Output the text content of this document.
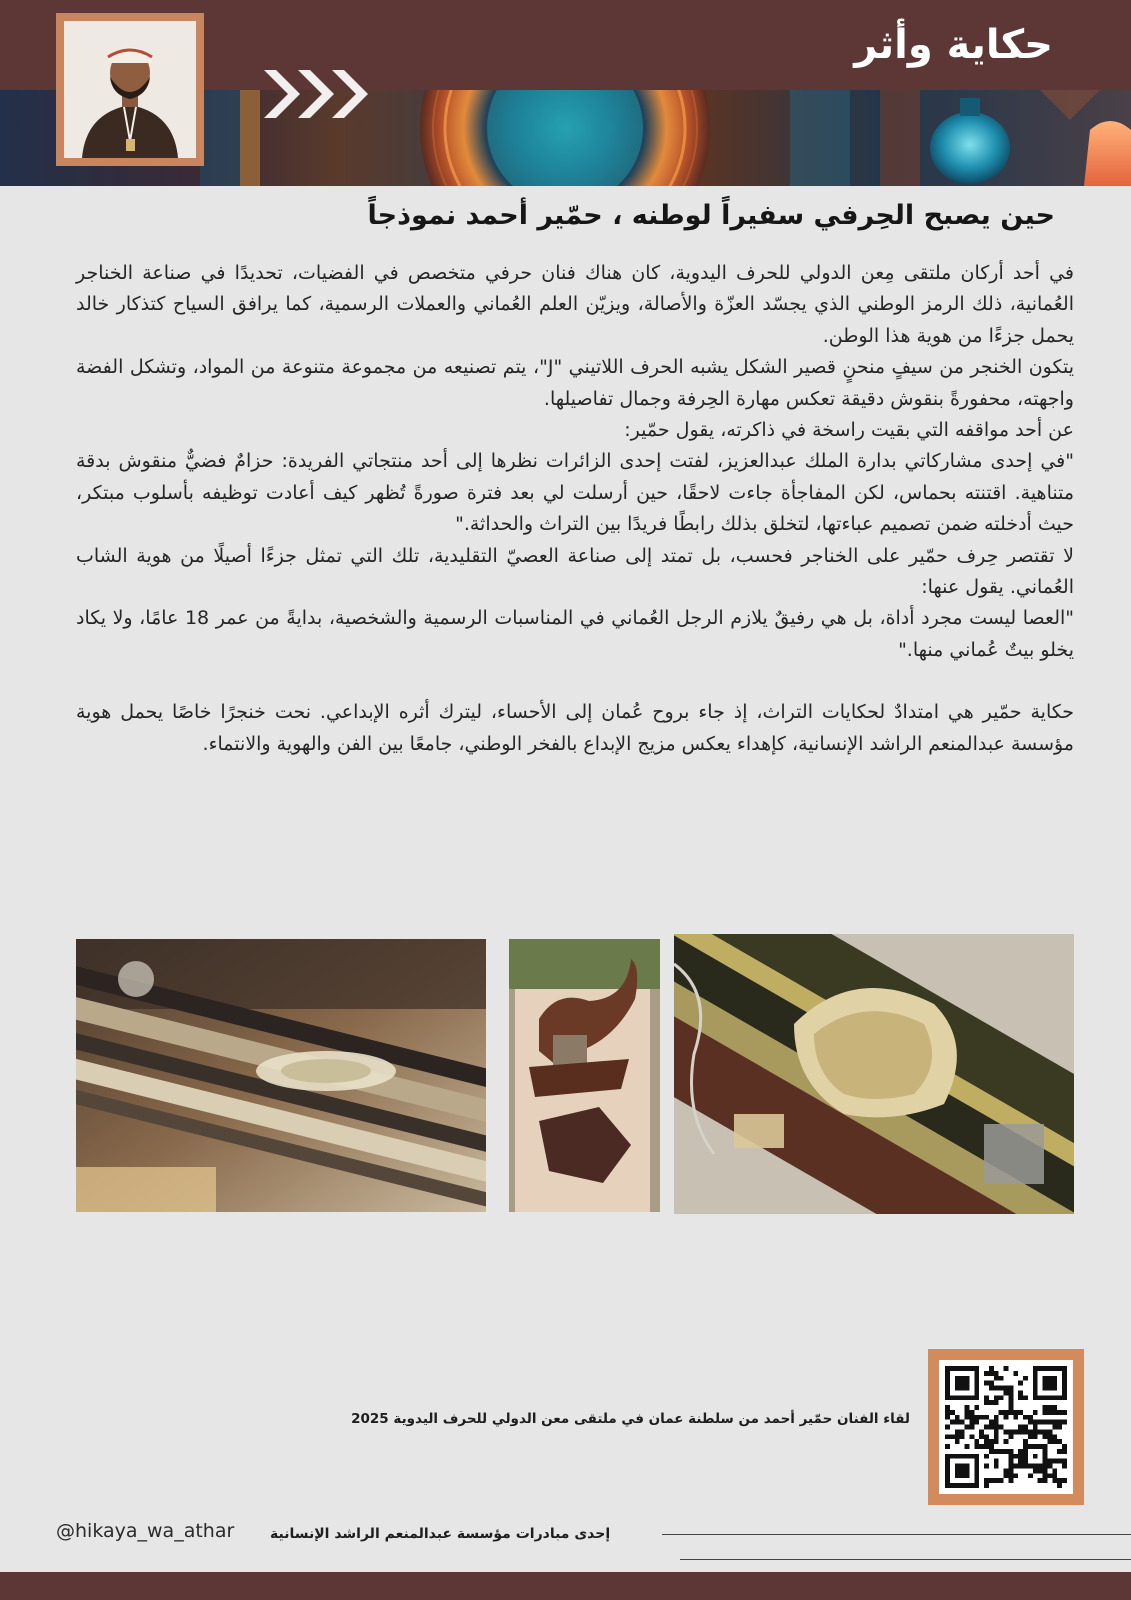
حكاية وأثر
حين يصبح الحِرفي سفيراً لوطنه ، حمّير أحمد نموذجاً

في أحد أركان ملتقى مِعن الدولي للحرف اليدوية، كان هناك فنان حرفي متخصص في الفضيات، تحديدًا في صناعة الخناجر العُمانية، ذلك الرمز الوطني الذي يجسّد العزّة والأصالة، ويزيّن العلم العُماني والعملات الرسمية، كما يرافق السياح كتذكار خالد يحمل جزءًا من هوية هذا الوطن.

يتكون الخنجر من سيفٍ منحنٍ قصير الشكل يشبه الحرف اللاتيني "J"، يتم تصنيعه من مجموعة متنوعة من المواد، وتشكل الفضة واجهته، محفورةً بنقوش دقيقة تعكس مهارة الحِرفة وجمال تفاصيلها.

عن أحد مواقفه التي بقيت راسخة في ذاكرته، يقول حمّير:

"في إحدى مشاركاتي بدارة الملك عبدالعزيز، لفتت إحدى الزائرات نظرها إلى أحد منتجاتي الفريدة: حزامٌ فضيٌّ منقوش بدقة متناهية. اقتنته بحماس، لكن المفاجأة جاءت لاحقًا، حين أرسلت لي بعد فترة صورةً تُظهر كيف أعادت توظيفه بأسلوب مبتكر، حيث أدخلته ضمن تصميم عباءتها، لتخلق بذلك رابطًا فريدًا بين التراث والحداثة."

لا تقتصر حِرف حمّير على الخناجر فحسب، بل تمتد إلى صناعة العصيّ التقليدية، تلك التي تمثل جزءًا أصيلًا من هوية الشاب العُماني. يقول عنها:

"العصا ليست مجرد أداة، بل هي رفيقٌ يلازم الرجل العُماني في المناسبات الرسمية والشخصية، بدايةً من عمر 18 عامًا، ولا يكاد يخلو بيتٌ عُماني منها."

حكاية حمّير هي امتدادٌ لحكايات التراث، إذ جاء بروح عُمان إلى الأحساء، ليترك أثره الإبداعي. نحت خنجرًا خاصًا يحمل هوية مؤسسة عبدالمنعم الراشد الإنسانية، كإهداء يعكس مزيج الإبداع بالفخر الوطني، جامعًا بين الفن والهوية والانتماء.

لقاء الفنان حمّير أحمد من سلطنة عمان في ملتقى معن الدولي للحرف اليدوية 2025
@hikaya_wa_athar	إحدى مبادرات مؤسسة عبدالمنعم الراشد الإنسانية
